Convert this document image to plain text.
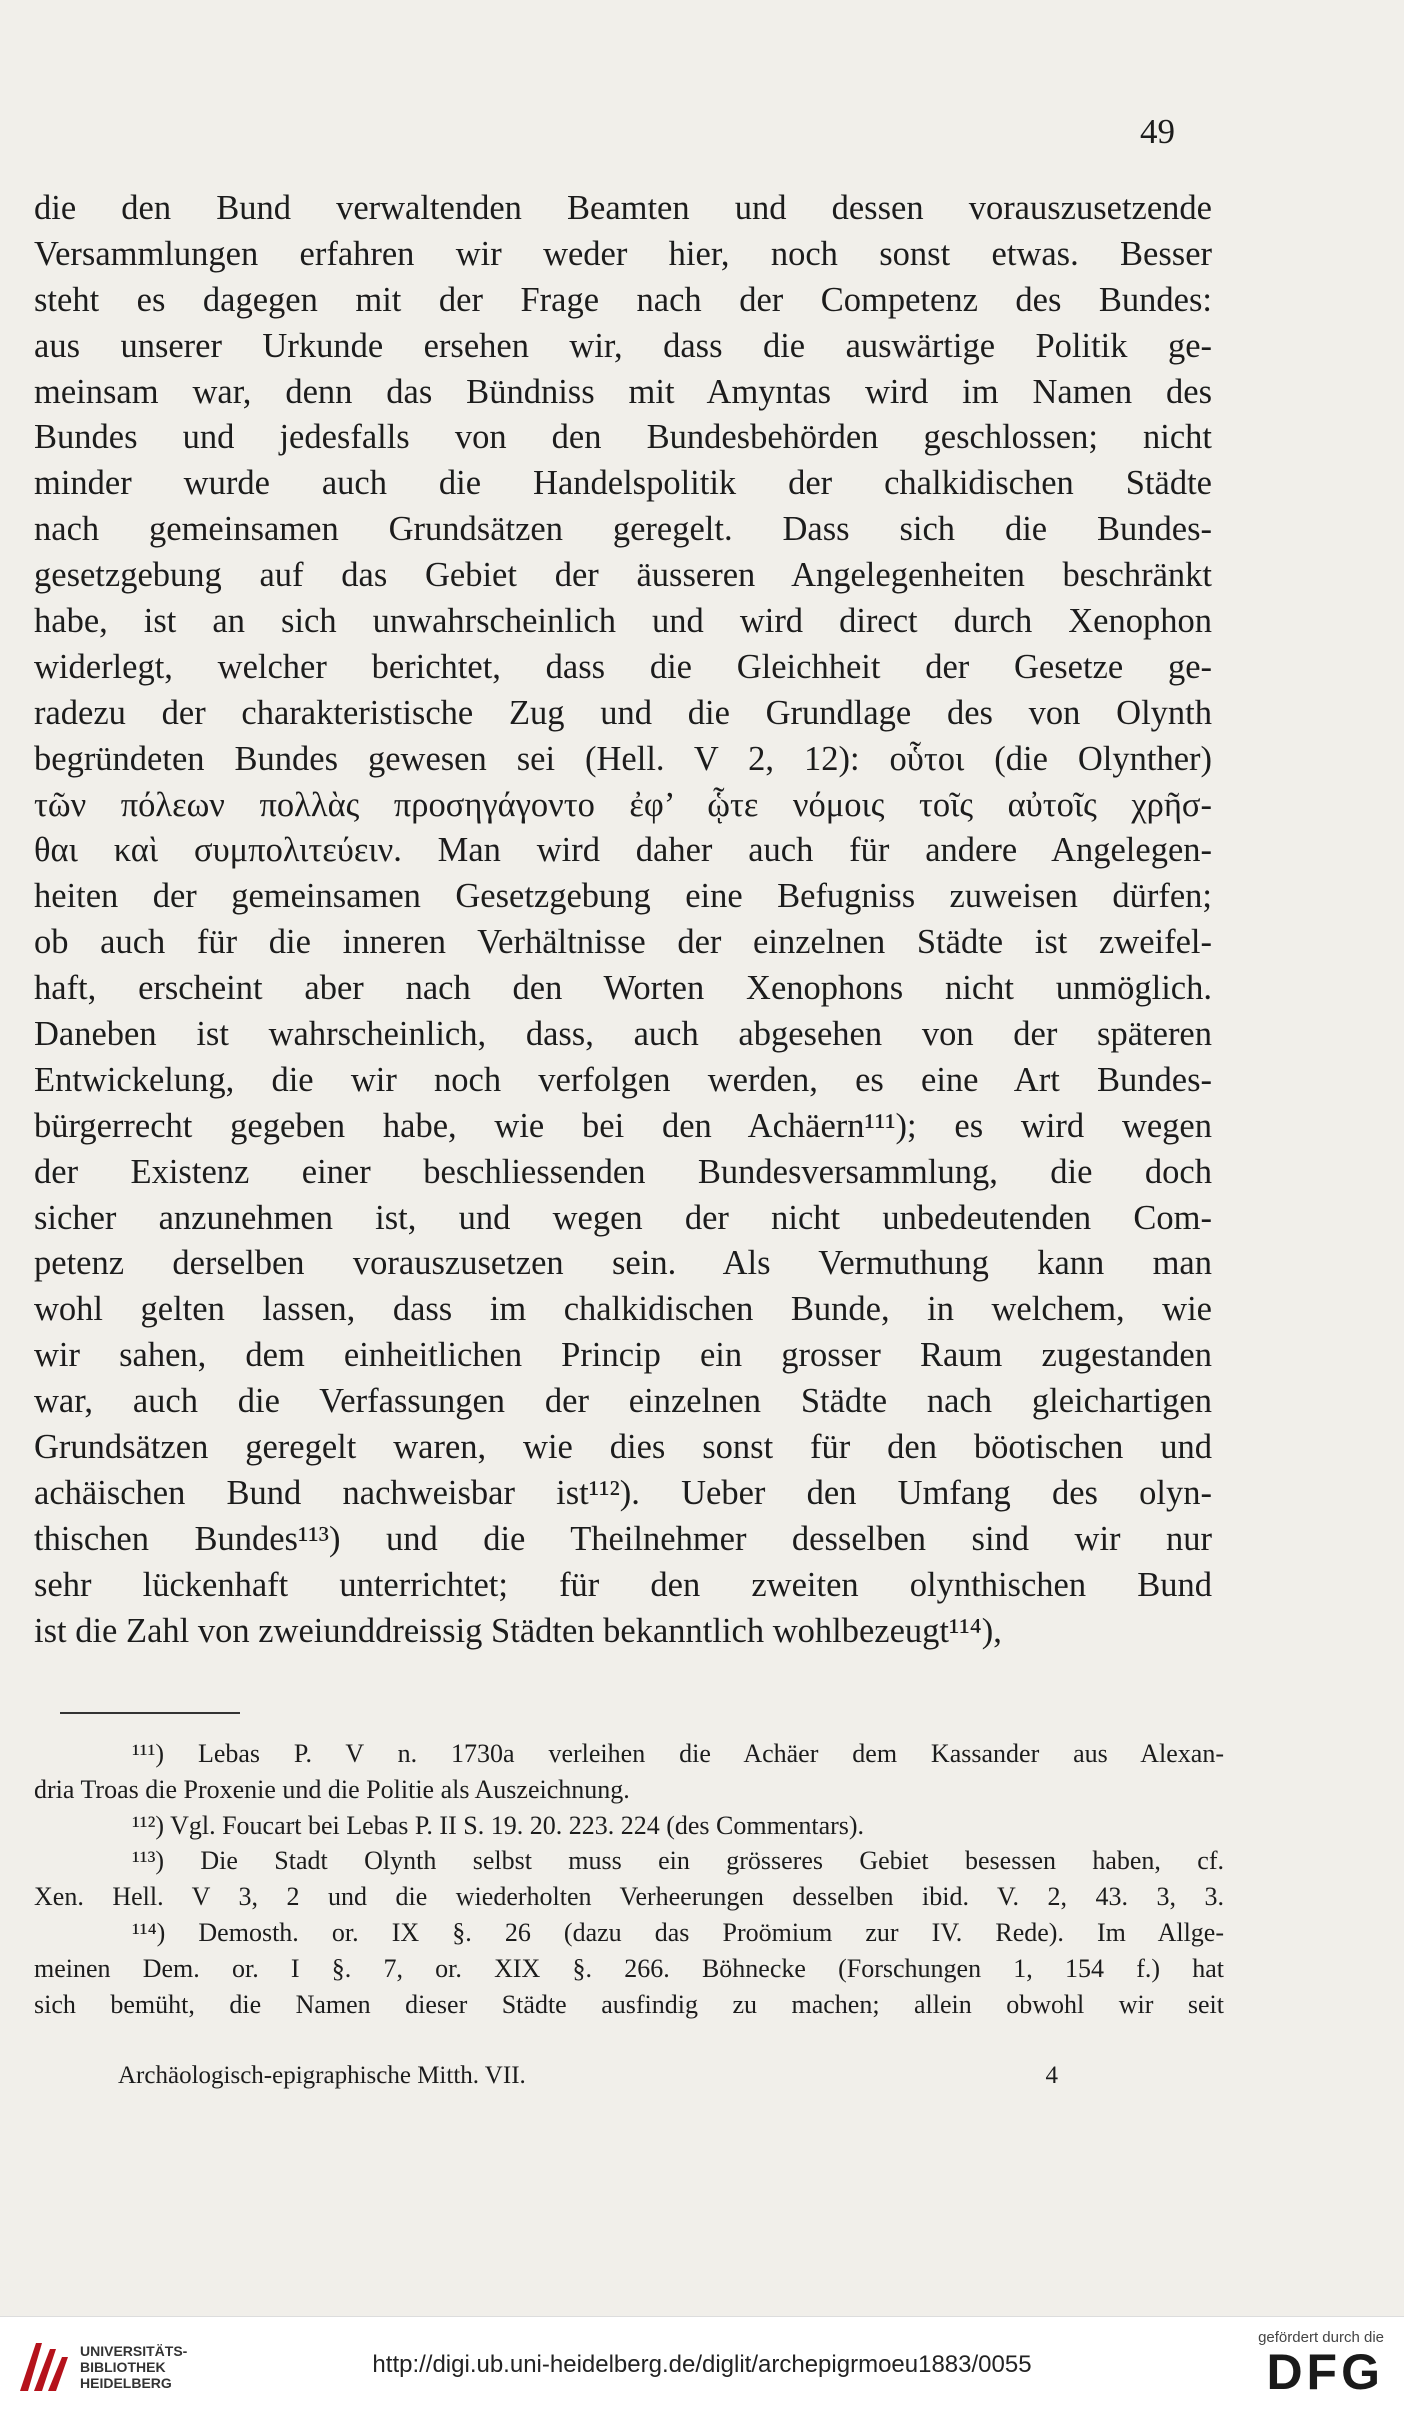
49
die den Bund verwaltenden Beamten und dessen vorauszusetzende
Versammlungen erfahren wir weder hier, noch sonst etwas. Besser
steht es dagegen mit der Frage nach der Competenz des Bundes:
aus unserer Urkunde ersehen wir, dass die auswärtige Politik ge-
meinsam war, denn das Bündniss mit Amyntas wird im Namen des
Bundes und jedesfalls von den Bundesbehörden geschlossen; nicht
minder wurde auch die Handelspolitik der chalkidischen Städte
nach gemeinsamen Grundsätzen geregelt. Dass sich die Bundes-
gesetzgebung auf das Gebiet der äusseren Angelegenheiten beschränkt
habe, ist an sich unwahrscheinlich und wird direct durch Xenophon
widerlegt, welcher berichtet, dass die Gleichheit der Gesetze ge-
radezu der charakteristische Zug und die Grundlage des von Olynth
begründeten Bundes gewesen sei (Hell. V 2, 12): οὗτοι (die Olynther)
τῶν πόλεων πολλὰς προσηγάγοντο ἐφ’ ᾧτε νόμοις τοῖς αὐτοῖς χρῆσ-
θαι καὶ συμπολιτεύειν. Man wird daher auch für andere Angelegen-
heiten der gemeinsamen Gesetzgebung eine Befugniss zuweisen dürfen;
ob auch für die inneren Verhältnisse der einzelnen Städte ist zweifel-
haft, erscheint aber nach den Worten Xenophons nicht unmöglich.
Daneben ist wahrscheinlich, dass, auch abgesehen von der späteren
Entwickelung, die wir noch verfolgen werden, es eine Art Bundes-
bürgerrecht gegeben habe, wie bei den Achäern¹¹¹); es wird wegen
der Existenz einer beschliessenden Bundesversammlung, die doch
sicher anzunehmen ist, und wegen der nicht unbedeutenden Com-
petenz derselben vorauszusetzen sein. Als Vermuthung kann man
wohl gelten lassen, dass im chalkidischen Bunde, in welchem, wie
wir sahen, dem einheitlichen Princip ein grosser Raum zugestanden
war, auch die Verfassungen der einzelnen Städte nach gleichartigen
Grundsätzen geregelt waren, wie dies sonst für den böotischen und
achäischen Bund nachweisbar ist¹¹²). Ueber den Umfang des olyn-
thischen Bundes¹¹³) und die Theilnehmer desselben sind wir nur
sehr lückenhaft unterrichtet; für den zweiten olynthischen Bund
ist die Zahl von zweiunddreissig Städten bekanntlich wohlbezeugt¹¹⁴),
¹¹¹) Lebas P. V n. 1730a verleihen die Achäer dem Kassander aus Alexan-
dria Troas die Proxenie und die Politie als Auszeichnung.
¹¹²) Vgl. Foucart bei Lebas P. II S. 19. 20. 223. 224 (des Commentars).
¹¹³) Die Stadt Olynth selbst muss ein grösseres Gebiet besessen haben, cf.
Xen. Hell. V 3, 2 und die wiederholten Verheerungen desselben ibid. V. 2, 43. 3, 3.
¹¹⁴) Demosth. or. IX §. 26 (dazu das Proömium zur IV. Rede). Im Allge-
meinen Dem. or. I §. 7, or. XIX §. 266. Böhnecke (Forschungen 1, 154 f.) hat
sich bemüht, die Namen dieser Städte ausfindig zu machen; allein obwohl wir seit
Archäologisch-epigraphische Mitth. VII.	4
UNIVERSITÄTS-
BIBLIOTHEK
HEIDELBERG
http://digi.ub.uni-heidelberg.de/diglit/archepigrmoeu1883/0055
gefördert durch die
DFG
